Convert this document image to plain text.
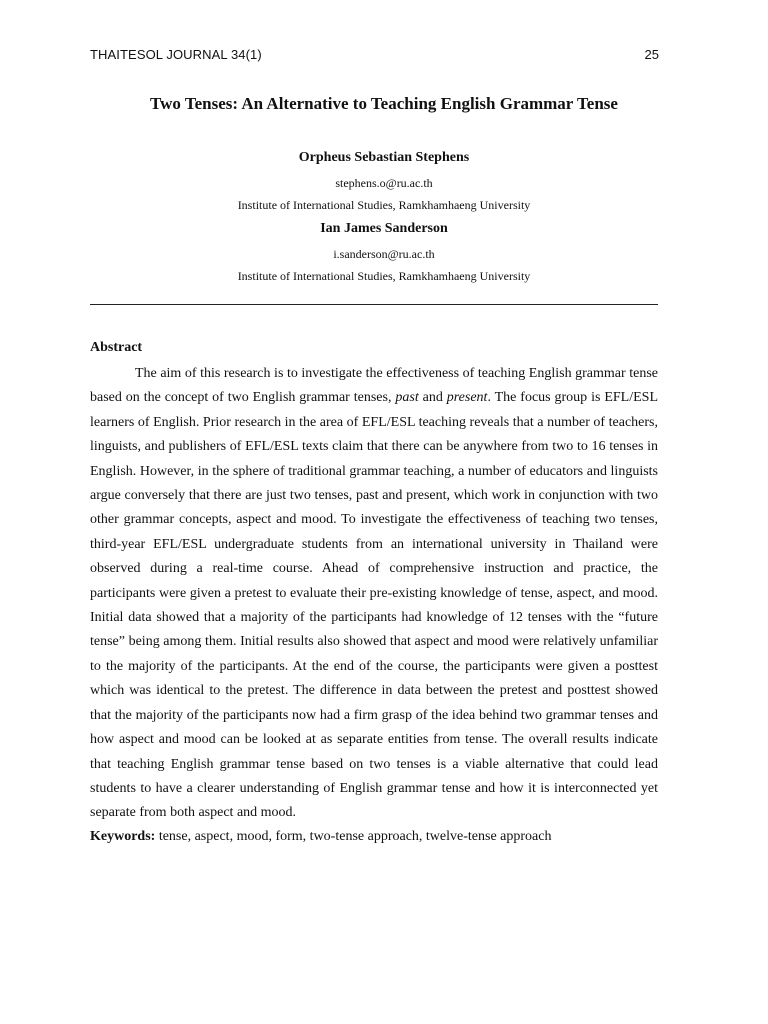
THAITESOL JOURNAL 34(1)	25
Two Tenses: An Alternative to Teaching English Grammar Tense
Orpheus Sebastian Stephens
stephens.o@ru.ac.th
Institute of International Studies, Ramkhamhaeng University
Ian James Sanderson
i.sanderson@ru.ac.th
Institute of International Studies, Ramkhamhaeng University
Abstract

The aim of this research is to investigate the effectiveness of teaching English grammar tense based on the concept of two English grammar tenses, past and present. The focus group is EFL/ESL learners of English. Prior research in the area of EFL/ESL teaching reveals that a number of teachers, linguists, and publishers of EFL/ESL texts claim that there can be anywhere from two to 16 tenses in English. However, in the sphere of traditional grammar teaching, a number of educators and linguists argue conversely that there are just two tenses, past and present, which work in conjunction with two other grammar concepts, aspect and mood. To investigate the effectiveness of teaching two tenses, third-year EFL/ESL undergraduate students from an international university in Thailand were observed during a real-time course. Ahead of comprehensive instruction and practice, the participants were given a pretest to evaluate their pre-existing knowledge of tense, aspect, and mood. Initial data showed that a majority of the participants had knowledge of 12 tenses with the “future tense” being among them. Initial results also showed that aspect and mood were relatively unfamiliar to the majority of the participants. At the end of the course, the participants were given a posttest which was identical to the pretest. The difference in data between the pretest and posttest showed that the majority of the participants now had a firm grasp of the idea behind two grammar tenses and how aspect and mood can be looked at as separate entities from tense. The overall results indicate that teaching English grammar tense based on two tenses is a viable alternative that could lead students to have a clearer understanding of English grammar tense and how it is interconnected yet separate from both aspect and mood.

Keywords: tense, aspect, mood, form, two-tense approach, twelve-tense approach
